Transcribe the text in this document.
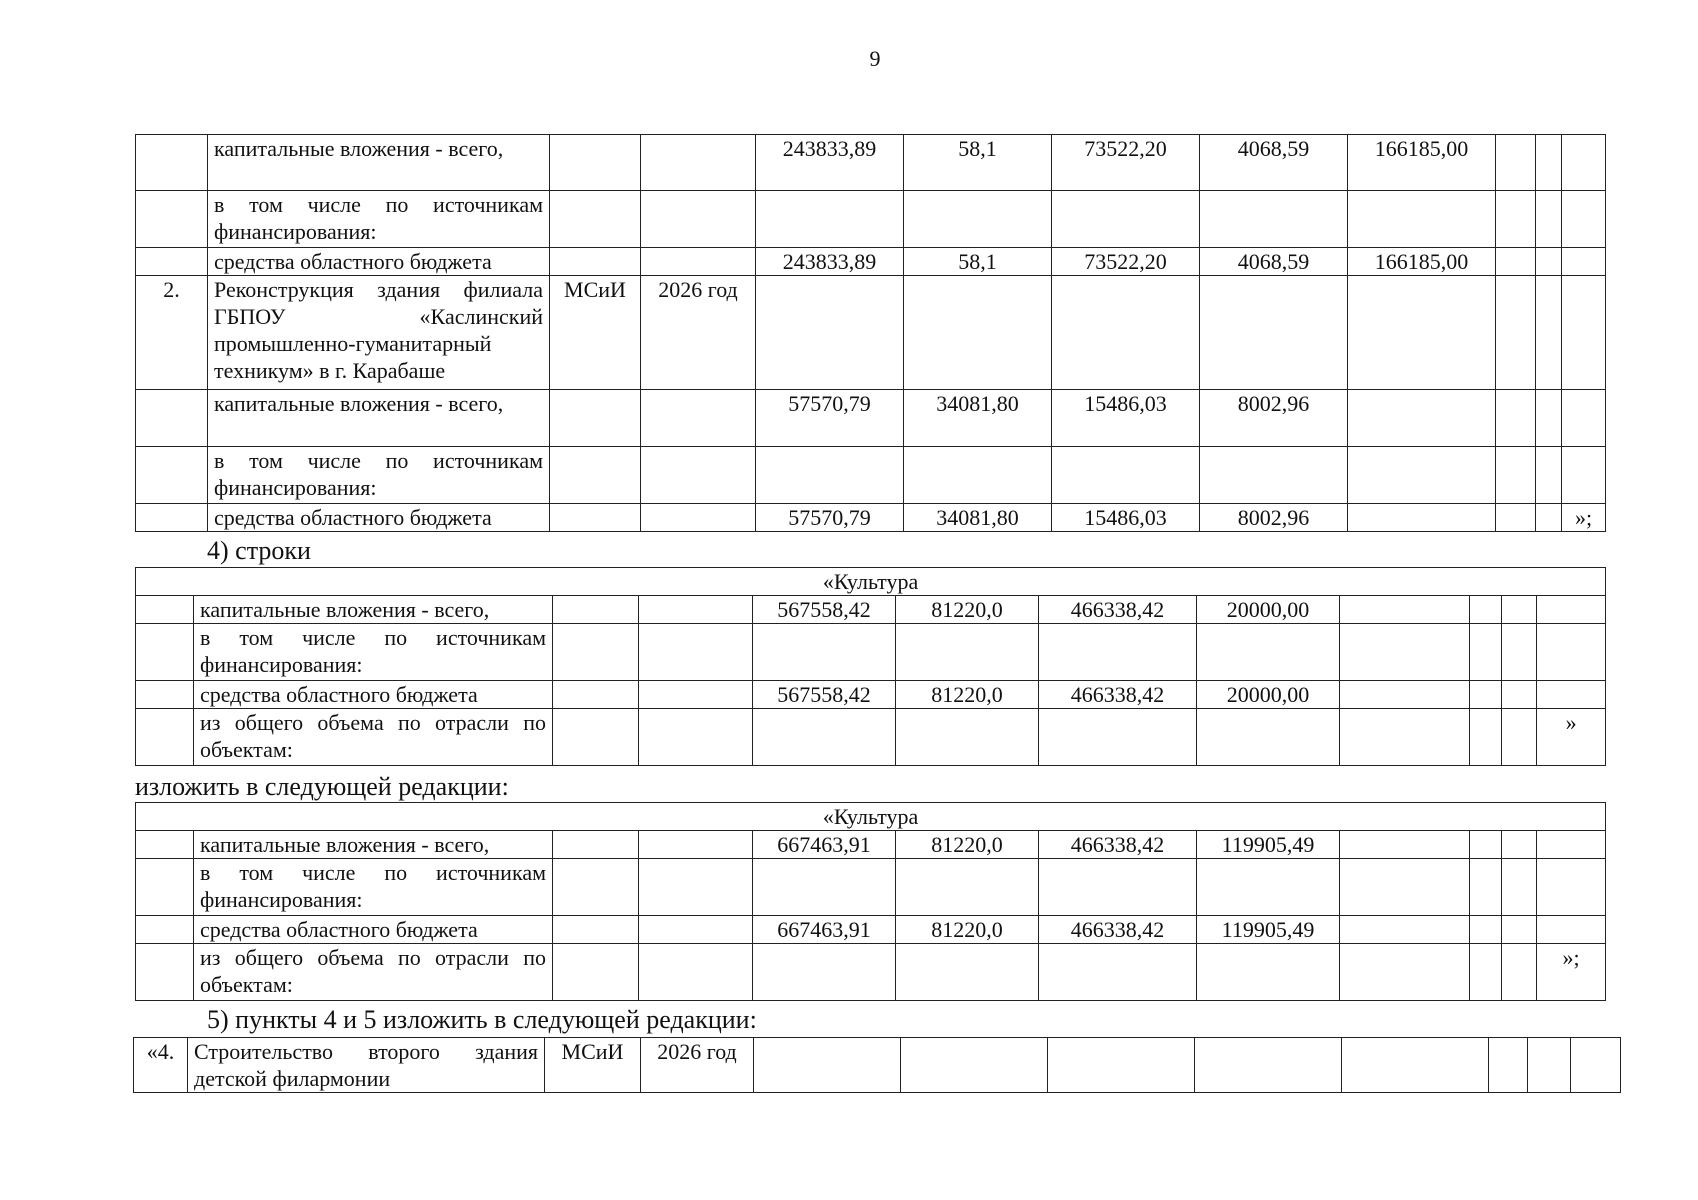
9
	капитальные вложения - всего,			243833,89	58,1	73522,20	4068,59	166185,00			
	в том числе по источникам финансирования:										
	средства областного бюджета			243833,89	58,1	73522,20	4068,59	166185,00			
2.	Реконструкция здания филиала ГБПОУ «Каслинский промышленно-гуманитарный техникум» в г. Карабаше	МСиИ	2026 год								
	капитальные вложения - всего,			57570,79	34081,80	15486,03	8002,96				
	в том числе по источникам финансирования:										
	средства областного бюджета			57570,79	34081,80	15486,03	8002,96				»;
4) строки
«Культура											
	капитальные вложения - всего,			567558,42	81220,0	466338,42	20000,00				
	в том числе по источникам финансирования:										
	средства областного бюджета			567558,42	81220,0	466338,42	20000,00				
	из общего объема по отрасли по объектам:										»
изложить в следующей редакции:
«Культура											
	капитальные вложения - всего,			667463,91	81220,0	466338,42	119905,49				
	в том числе по источникам финансирования:										
	средства областного бюджета			667463,91	81220,0	466338,42	119905,49				
	из общего объема по отрасли по объектам:										»;
5) пункты 4 и 5 изложить в следующей редакции:
«4.	Строительство второго здания детской филармонии	МСиИ	2026 год								
